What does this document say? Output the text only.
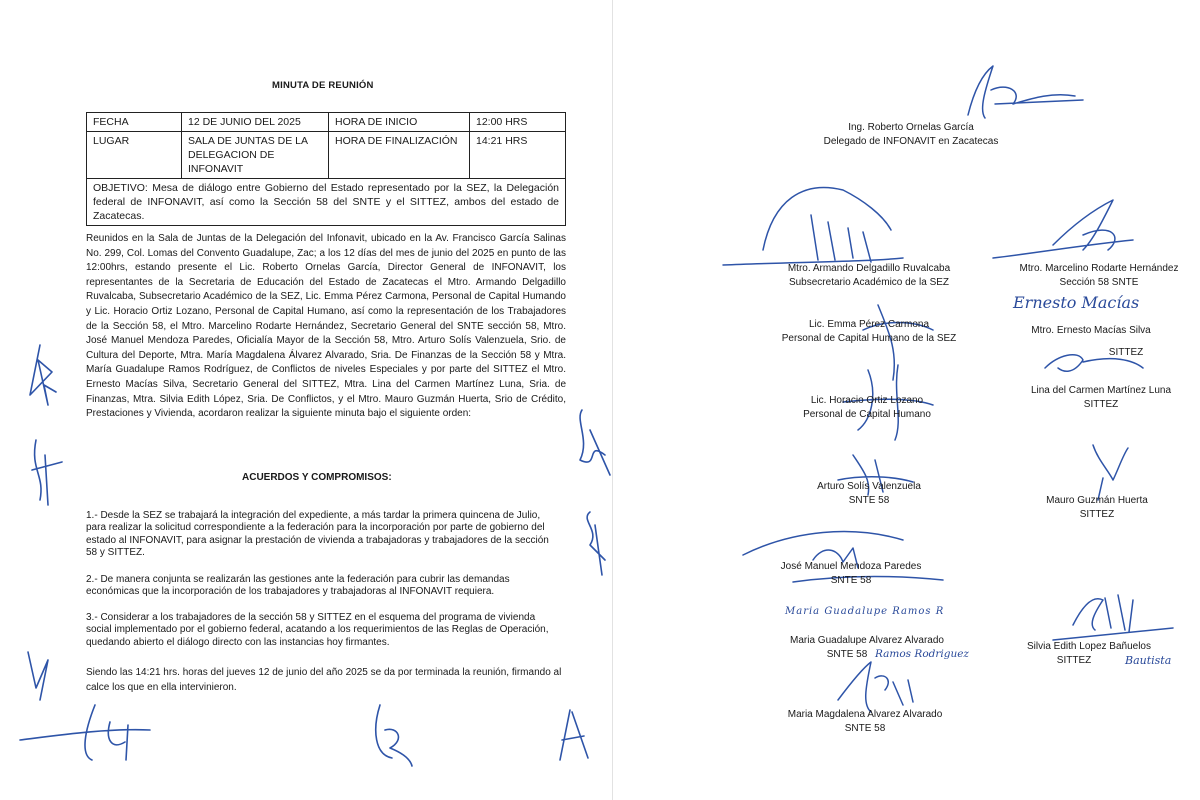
MINUTA DE REUNIÓN
FECHA	12 DE JUNIO DEL 2025	HORA DE INICIO	12:00 HRS
LUGAR	SALA DE JUNTAS DE LA DELEGACION DE INFONAVIT	HORA DE FINALIZACIÓN	14:21 HRS
OBJETIVO: Mesa de diálogo entre Gobierno del Estado representado por la SEZ, la Delegación federal de INFONAVIT, así como la Sección 58 del SNTE y el SITTEZ, ambos del estado de Zacatecas.			
Reunidos en la Sala de Juntas de la Delegación del Infonavit, ubicado en la Av. Francisco García Salinas No. 299, Col. Lomas del Convento Guadalupe, Zac; a los 12 días del mes de junio del 2025 en punto de las 12:00hrs, estando presente el Lic. Roberto Ornelas García, Director General de INFONAVIT, los representantes de la Secretaria de Educación del Estado de Zacatecas el Mtro. Armando Delgadillo Ruvalcaba, Subsecretario Académico de la SEZ, Lic. Emma Pérez Carmona, Personal de Capital Humando y Lic. Horacio Ortiz Lozano, Personal de Capital Humano, así como la representación de los Trabajadores de la Sección 58, el Mtro. Marcelino Rodarte Hernández, Secretario General del SNTE sección 58, Mtro. José Manuel Mendoza Paredes, Oficialía Mayor de la Sección 58, Mtro. Arturo Solís Valenzuela, Srio. de Cultura del Deporte, Mtra. María Magdalena Álvarez Alvarado, Sria. De Finanzas de la Sección 58 y Mtra. María Guadalupe Ramos Rodríguez, de Conflictos de niveles Especiales y por parte del SITTEZ el Mtro. Ernesto Macías Silva, Secretario General del SITTEZ, Mtra. Lina del Carmen Martínez Luna, Sria. de Finanzas, Mtra. Silvia Edith López, Sria. De Conflictos, y el Mtro. Mauro Guzmán Huerta, Srio de Crédito, Prestaciones y Vivienda, acordaron realizar la siguiente minuta bajo el siguiente orden:
ACUERDOS Y COMPROMISOS:
1.- Desde la SEZ se trabajará la integración del expediente, a más tardar la primera quincena de Julio, para realizar la solicitud correspondiente a la federación para la incorporación por parte de gobierno del estado al INFONAVIT, para asignar la prestación de vivienda a trabajadoras y trabajadores de la sección 58 y SITTEZ.
2.- De manera conjunta se realizarán las gestiones ante la federación para cubrir las demandas económicas que la incorporación de los trabajadores y trabajadoras al INFONAVIT requiera.
3.- Considerar a los trabajadores de la sección 58 y SITTEZ en el esquema del programa de vivienda social implementado por el gobierno federal, acatando a los requerimientos de las Reglas de Operación, quedando abierto el diálogo directo con las instancias hoy firmantes.
Siendo las 14:21 hrs. horas del jueves 12 de junio del año 2025 se da por terminada la reunión, firmando al calce los que en ella intervinieron.
Ing. Roberto Ornelas García
Delegado de INFONAVIT en Zacatecas
Mtro. Armando Delgadillo Ruvalcaba
Subsecretario Académico de la SEZ
Mtro. Marcelino Rodarte Hernández
Sección 58 SNTE
Ernesto Macías
Lic. Emma Pérez Carmona
Personal de Capital Humano de la SEZ
Mtro. Ernesto Macías Silva
SITTEZ
Lina del Carmen Martínez Luna
SITTEZ
Lic. Horacio Ortiz Lozano
Personal de Capital Humano
Arturo Solís Valenzuela
SNTE 58	Mauro Guzmán Huerta
SITTEZ
José Manuel Mendoza Paredes
SNTE 58
Maria Guadalupe Ramos R
Maria Guadalupe Alvarez Alvarado
SNTE 58 Ramos Rodriguez
Silvia Edith Lopez Bañuelos
SITTEZ	Bautista
Maria Magdalena Alvarez Alvarado
SNTE 58
